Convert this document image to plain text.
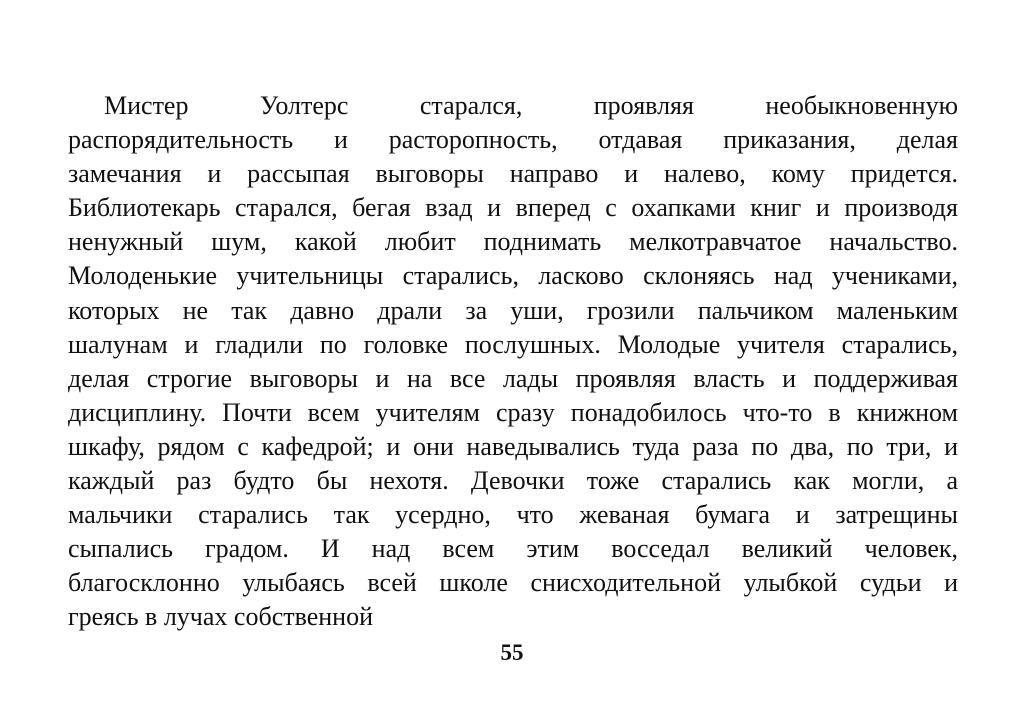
Мистер Уолтерс старался, проявляя необыкновенную
распорядительность и расторопность, отдавая приказания, делая
замечания и рассыпая выговоры направо и налево, кому придется.
Библиотекарь старался, бегая взад и вперед с охапками книг и производя
ненужный шум, какой любит поднимать мелкотравчатое начальство.
Молоденькие учительницы старались, ласково склоняясь над учениками,
которых не так давно драли за уши, грозили пальчиком маленьким
шалунам и гладили по головке послушных. Молодые учителя старались,
делая строгие выговоры и на все лады проявляя власть и поддерживая
дисциплину. Почти всем учителям сразу понадобилось что-то в книжном
шкафу, рядом с кафедрой; и они наведывались туда раза по два, по три, и
каждый раз будто бы нехотя. Девочки тоже старались как могли, а
мальчики старались так усердно, что жеваная бумага и затрещины
сыпались градом. И над всем этим восседал великий человек,
благосклонно улыбаясь всей школе снисходительной улыбкой судьи и
греясь в лучах собственной
55
